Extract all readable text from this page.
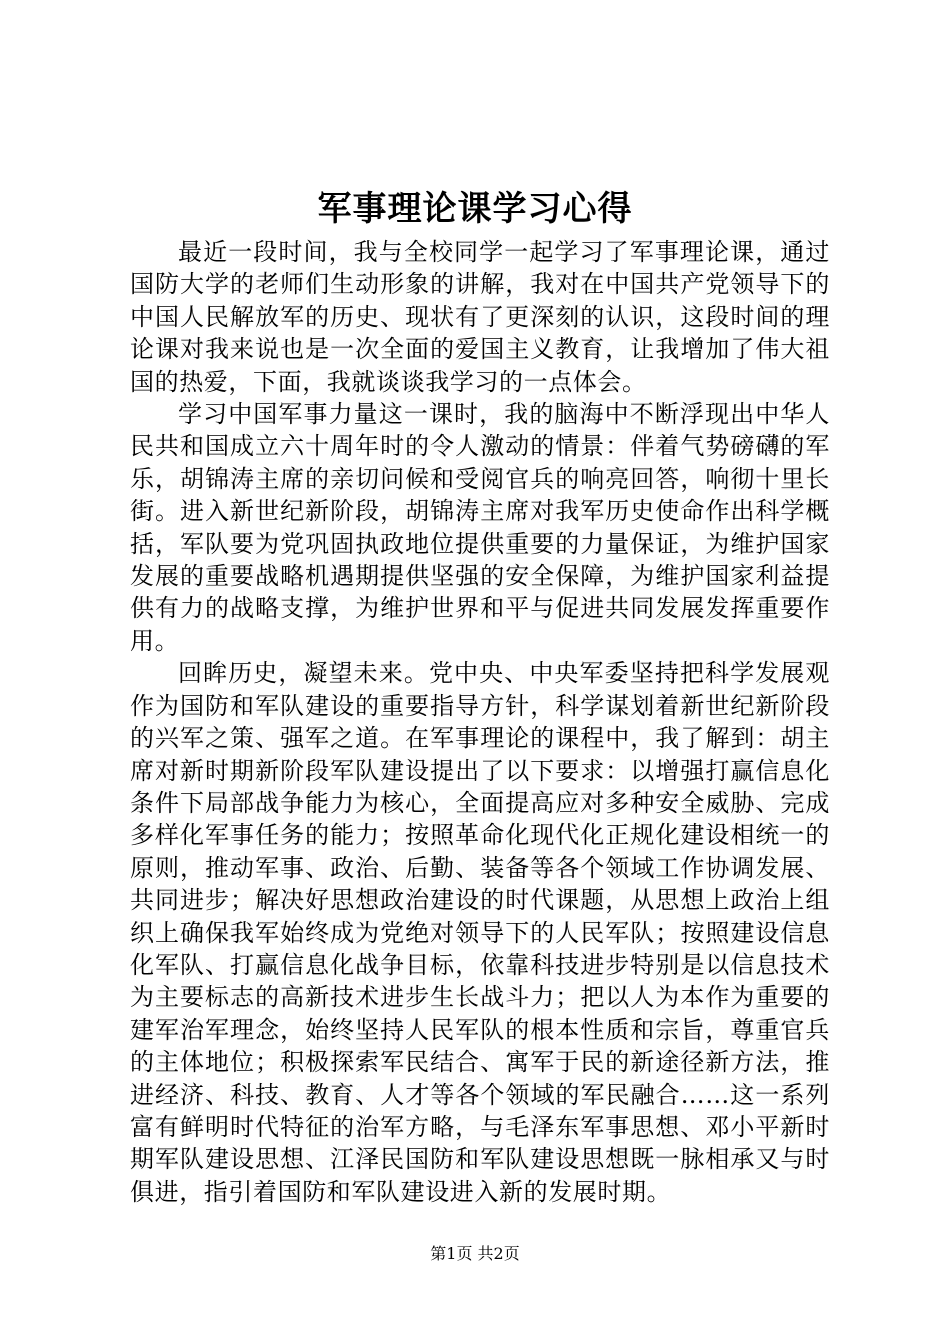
军事理论课学习心得

最近一段时间，我与全校同学一起学习了军事理论课，通过国防大学的老师们生动形象的讲解，我对在中国共产党领导下的中国人民解放军的历史、现状有了更深刻的认识，这段时间的理论课对我来说也是一次全面的爱国主义教育，让我增加了伟大祖国的热爱，下面，我就谈谈我学习的一点体会。

学习中国军事力量这一课时，我的脑海中不断浮现出中华人民共和国成立六十周年时的令人激动的情景：伴着气势磅礴的军乐，胡锦涛主席的亲切问候和受阅官兵的响亮回答，响彻十里长街。进入新世纪新阶段，胡锦涛主席对我军历史使命作出科学概括，军队要为党巩固执政地位提供重要的力量保证，为维护国家发展的重要战略机遇期提供坚强的安全保障，为维护国家利益提供有力的战略支撑，为维护世界和平与促进共同发展发挥重要作用。

回眸历史，凝望未来。党中央、中央军委坚持把科学发展观作为国防和军队建设的重要指导方针，科学谋划着新世纪新阶段的兴军之策、强军之道。在军事理论的课程中，我了解到：胡主席对新时期新阶段军队建设提出了以下要求：以增强打赢信息化条件下局部战争能力为核心，全面提高应对多种安全威胁、完成多样化军事任务的能力；按照革命化现代化正规化建设相统一的原则，推动军事、政治、后勤、装备等各个领域工作协调发展、共同进步；解决好思想政治建设的时代课题，从思想上政治上组织上确保我军始终成为党绝对领导下的人民军队；按照建设信息化军队、打赢信息化战争目标，依靠科技进步特别是以信息技术为主要标志的高新技术进步生长战斗力；把以人为本作为重要的建军治军理念，始终坚持人民军队的根本性质和宗旨，尊重官兵的主体地位；积极探索军民结合、寓军于民的新途径新方法，推进经济、科技、教育、人才等各个领域的军民融合……这一系列富有鲜明时代特征的治军方略，与毛泽东军事思想、邓小平新时期军队建设思想、江泽民国防和军队建设思想既一脉相承又与时俱进，指引着国防和军队建设进入新的发展时期。

第1页 共2页
